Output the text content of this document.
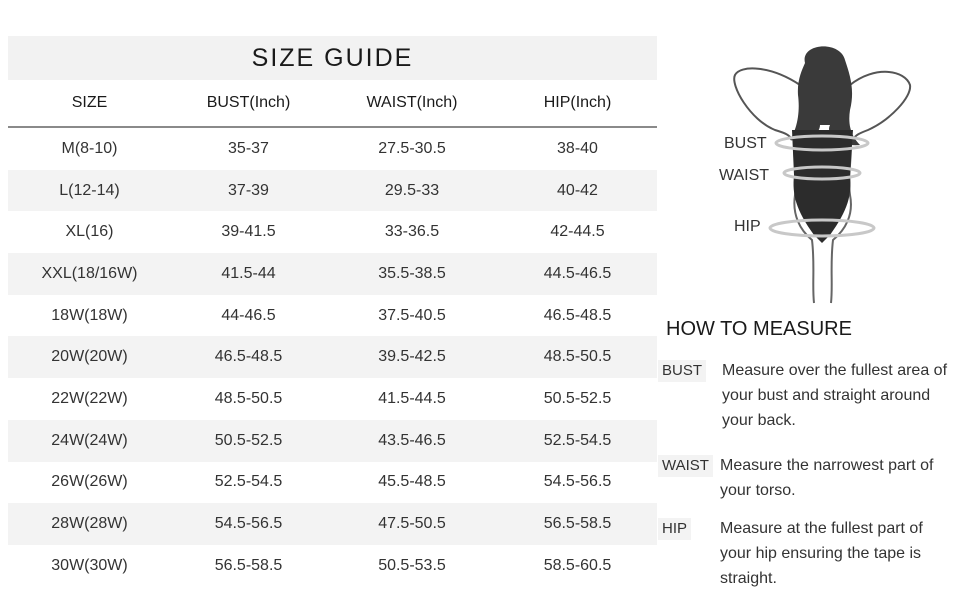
SIZE GUIDE
SIZE	BUST(Inch)	WAIST(Inch)	HIP(Inch)
M(8-10)	35-37	27.5-30.5	38-40
L(12-14)	37-39	29.5-33	40-42
XL(16)	39-41.5	33-36.5	42-44.5
XXL(18/16W)	41.5-44	35.5-38.5	44.5-46.5
18W(18W)	44-46.5	37.5-40.5	46.5-48.5
20W(20W)	46.5-48.5	39.5-42.5	48.5-50.5
22W(22W)	48.5-50.5	41.5-44.5	50.5-52.5
24W(24W)	50.5-52.5	43.5-46.5	52.5-54.5
26W(26W)	52.5-54.5	45.5-48.5	54.5-56.5
28W(28W)	54.5-56.5	47.5-50.5	56.5-58.5
30W(30W)	56.5-58.5	50.5-53.5	58.5-60.5
BUST
WAIST
HIP
HOW TO MEASURE
BUST Measure over the fullest area of
your bust and straight around
your back.
WAIST Measure the narrowest part of
your torso.
HIP Measure at the fullest part of
your hip ensuring the tape is
straight.
